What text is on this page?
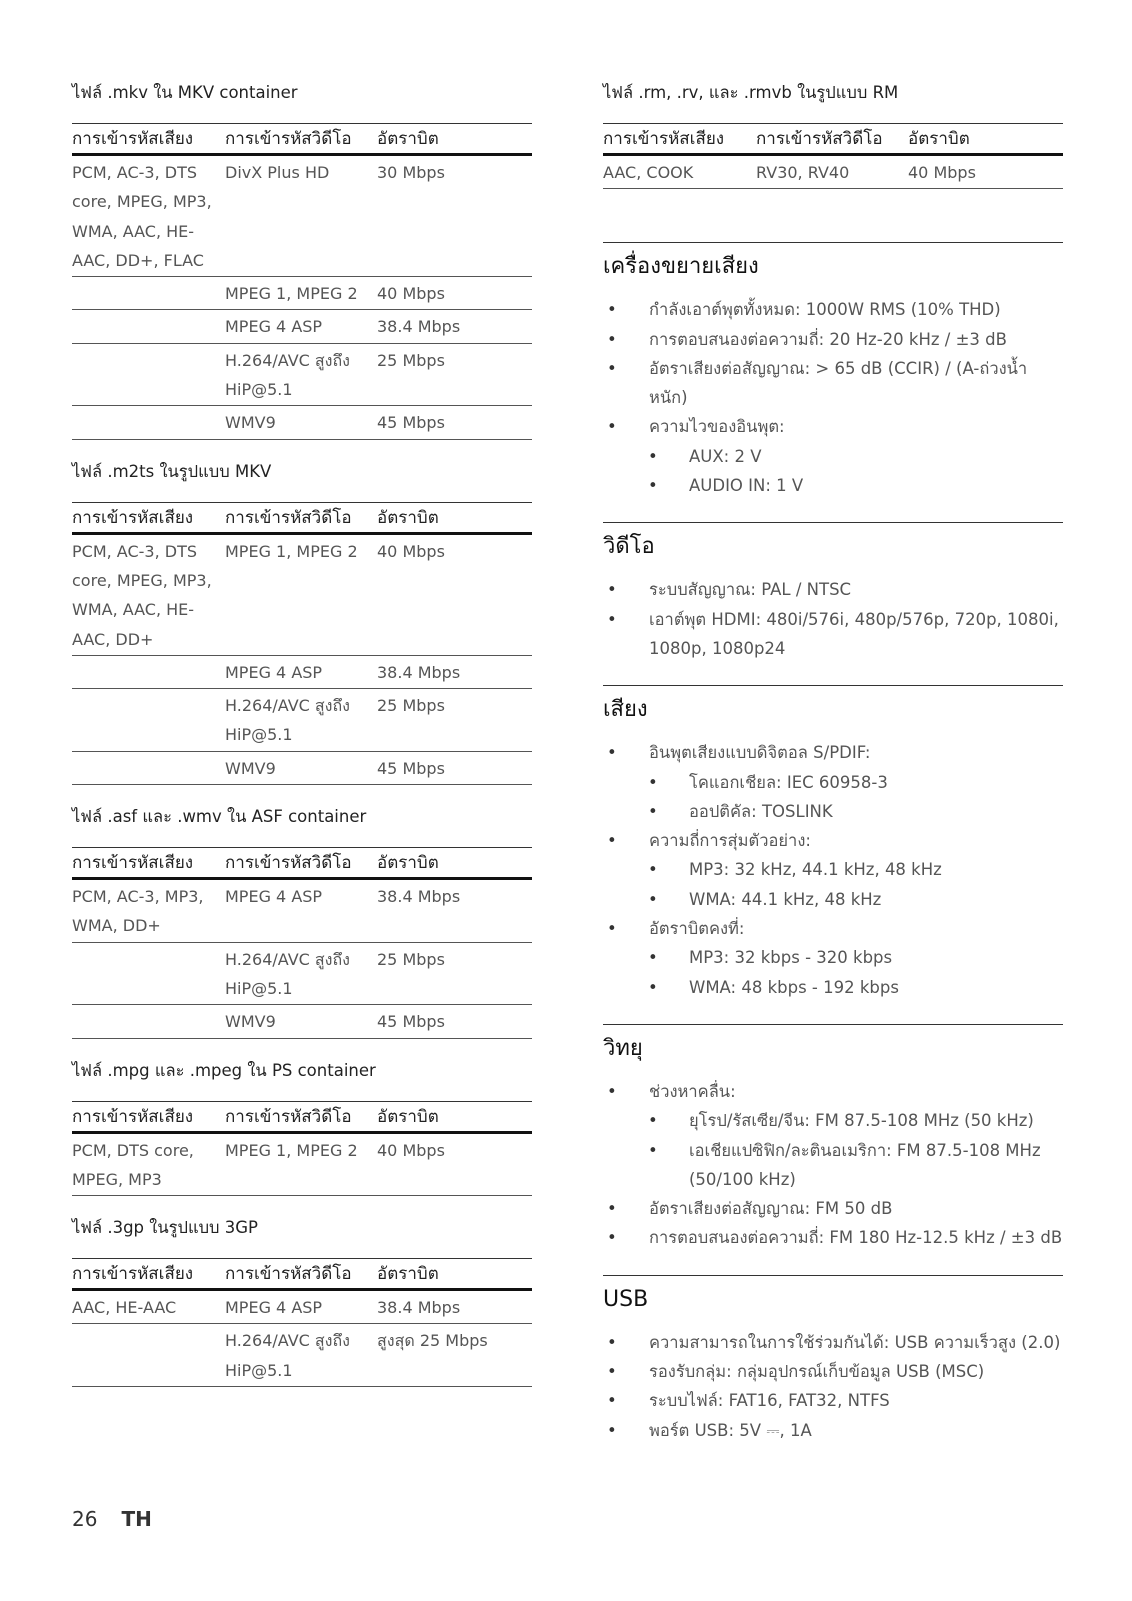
ไฟล์ .mkv ใน MKV container
การเข้ารหัสเสียง	การเข้ารหัสวิดีโอ	อัตราบิต
PCM, AC-3, DTS core, MPEG, MP3, WMA, AAC, HE-AAC, DD+, FLAC	DivX Plus HD	30 Mbps
	MPEG 1, MPEG 2	40 Mbps
	MPEG 4 ASP	38.4 Mbps
	H.264/AVC สูงถึง HiP@5.1	25 Mbps
	WMV9	45 Mbps
ไฟล์ .m2ts ในรูปแบบ MKV
การเข้ารหัสเสียง	การเข้ารหัสวิดีโอ	อัตราบิต
PCM, AC-3, DTS core, MPEG, MP3, WMA, AAC, HE-AAC, DD+	MPEG 1, MPEG 2	40 Mbps
	MPEG 4 ASP	38.4 Mbps
	H.264/AVC สูงถึง HiP@5.1	25 Mbps
	WMV9	45 Mbps
ไฟล์ .asf และ .wmv ใน ASF container
การเข้ารหัสเสียง	การเข้ารหัสวิดีโอ	อัตราบิต
PCM, AC-3, MP3, WMA, DD+	MPEG 4 ASP	38.4 Mbps
	H.264/AVC สูงถึง HiP@5.1	25 Mbps
	WMV9	45 Mbps
ไฟล์ .mpg และ .mpeg ใน PS container
การเข้ารหัสเสียง	การเข้ารหัสวิดีโอ	อัตราบิต
PCM, DTS core, MPEG, MP3	MPEG 1, MPEG 2	40 Mbps
ไฟล์ .3gp ในรูปแบบ 3GP
การเข้ารหัสเสียง	การเข้ารหัสวิดีโอ	อัตราบิต
AAC, HE-AAC	MPEG 4 ASP	38.4 Mbps
	H.264/AVC สูงถึง HiP@5.1	สูงสุด 25 Mbps
ไฟล์ .rm, .rv, และ .rmvb ในรูปแบบ RM
การเข้ารหัสเสียง	การเข้ารหัสวิดีโอ	อัตราบิต
AAC, COOK	RV30, RV40	40 Mbps
เครื่องขยายเสียง
• กำลังเอาต์พุตทั้งหมด: 1000W RMS (10% THD)
• การตอบสนองต่อความถี่: 20 Hz-20 kHz / ±3 dB
• อัตราเสียงต่อสัญญาณ: > 65 dB (CCIR) / (A-ถ่วงน้ำหนัก)
• ความไวของอินพุต:
• AUX: 2 V
• AUDIO IN: 1 V
วิดีโอ
• ระบบสัญญาณ: PAL / NTSC
• เอาต์พุต HDMI: 480i/576i, 480p/576p, 720p, 1080i, 1080p, 1080p24
เสียง
• อินพุตเสียงแบบดิจิตอล S/PDIF:
• โคแอกเชียล: IEC 60958-3
• ออปติคัล: TOSLINK
• ความถี่การสุ่มตัวอย่าง:
• MP3: 32 kHz, 44.1 kHz, 48 kHz
• WMA: 44.1 kHz, 48 kHz
• อัตราบิตคงที่:
• MP3: 32 kbps - 320 kbps
• WMA: 48 kbps - 192 kbps
วิทยุ
• ช่วงหาคลื่น:
• ยุโรป/รัสเซีย/จีน: FM 87.5-108 MHz (50 kHz)
• เอเชียแปซิฟิก/ละตินอเมริกา: FM 87.5-108 MHz (50/100 kHz)
• อัตราเสียงต่อสัญญาณ: FM 50 dB
• การตอบสนองต่อความถี่: FM 180 Hz-12.5 kHz / ±3 dB
USB
• ความสามารถในการใช้ร่วมกันได้: USB ความเร็วสูง (2.0)
• รองรับกลุ่ม: กลุ่มอุปกรณ์เก็บข้อมูล USB (MSC)
• ระบบไฟล์: FAT16, FAT32, NTFS
• พอร์ต USB: 5V ⎓, 1A
26 TH
